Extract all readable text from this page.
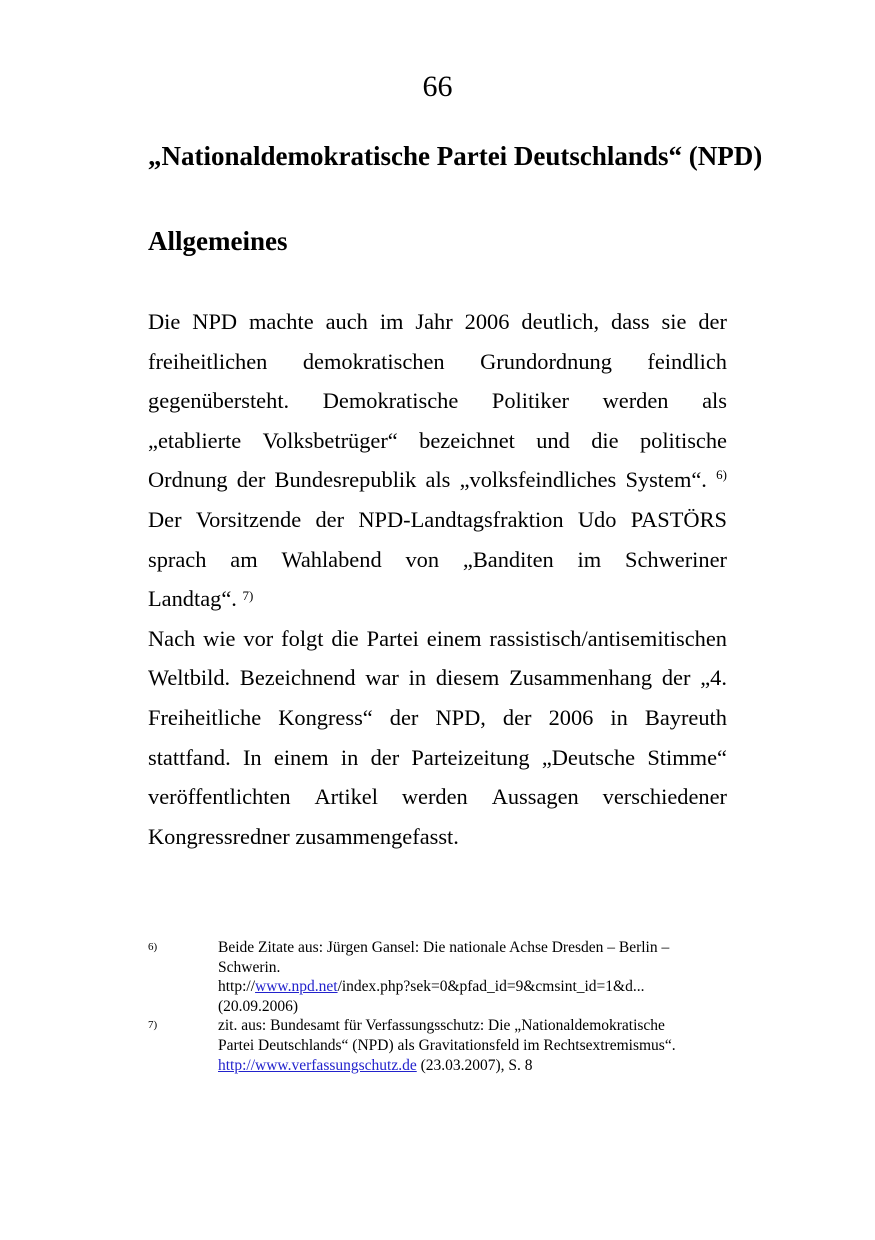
66
„Nationaldemokratische Partei Deutschlands“ (NPD)
Allgemeines
Die NPD machte auch im Jahr 2006 deutlich, dass sie der
freiheitlichen demokratischen Grundordnung feindlich
gegenübersteht. Demokratische Politiker werden als
„etablierte Volksbetrüger“ bezeichnet und die politische
Ordnung der Bundesrepublik als „volksfeindliches System“. 6)
Der Vorsitzende der NPD-Landtagsfraktion Udo PASTÖRS
sprach am Wahlabend von „Banditen im Schweriner
Landtag“. $^{7)}$
Nach wie vor folgt die Partei einem rassistisch/antisemitischen
Weltbild. Bezeichnend war in diesem Zusammenhang der „4.
Freiheitliche Kongress“ der NPD, der 2006 in Bayreuth
stattfand. In einem in der Parteizeitung „Deutsche Stimme“
veröffentlichten Artikel werden Aussagen verschiedener
Kongressredner zusammengefasst.
6)	Beide Zitate aus: Jürgen Gansel: Die nationale Achse Dresden – Berlin –
Schwerin.
http://www.npd.net/index.php?sek=0&pfad_id=9&cmsint_id=1&d...
(20.09.2006)
7)	zit. aus: Bundesamt für Verfassungsschutz: Die „Nationaldemokratische
Partei Deutschlands“ (NPD) als Gravitationsfeld im Rechtsextremismus“.
http://www.verfassungschutz.de (23.03.2007), S. 8
